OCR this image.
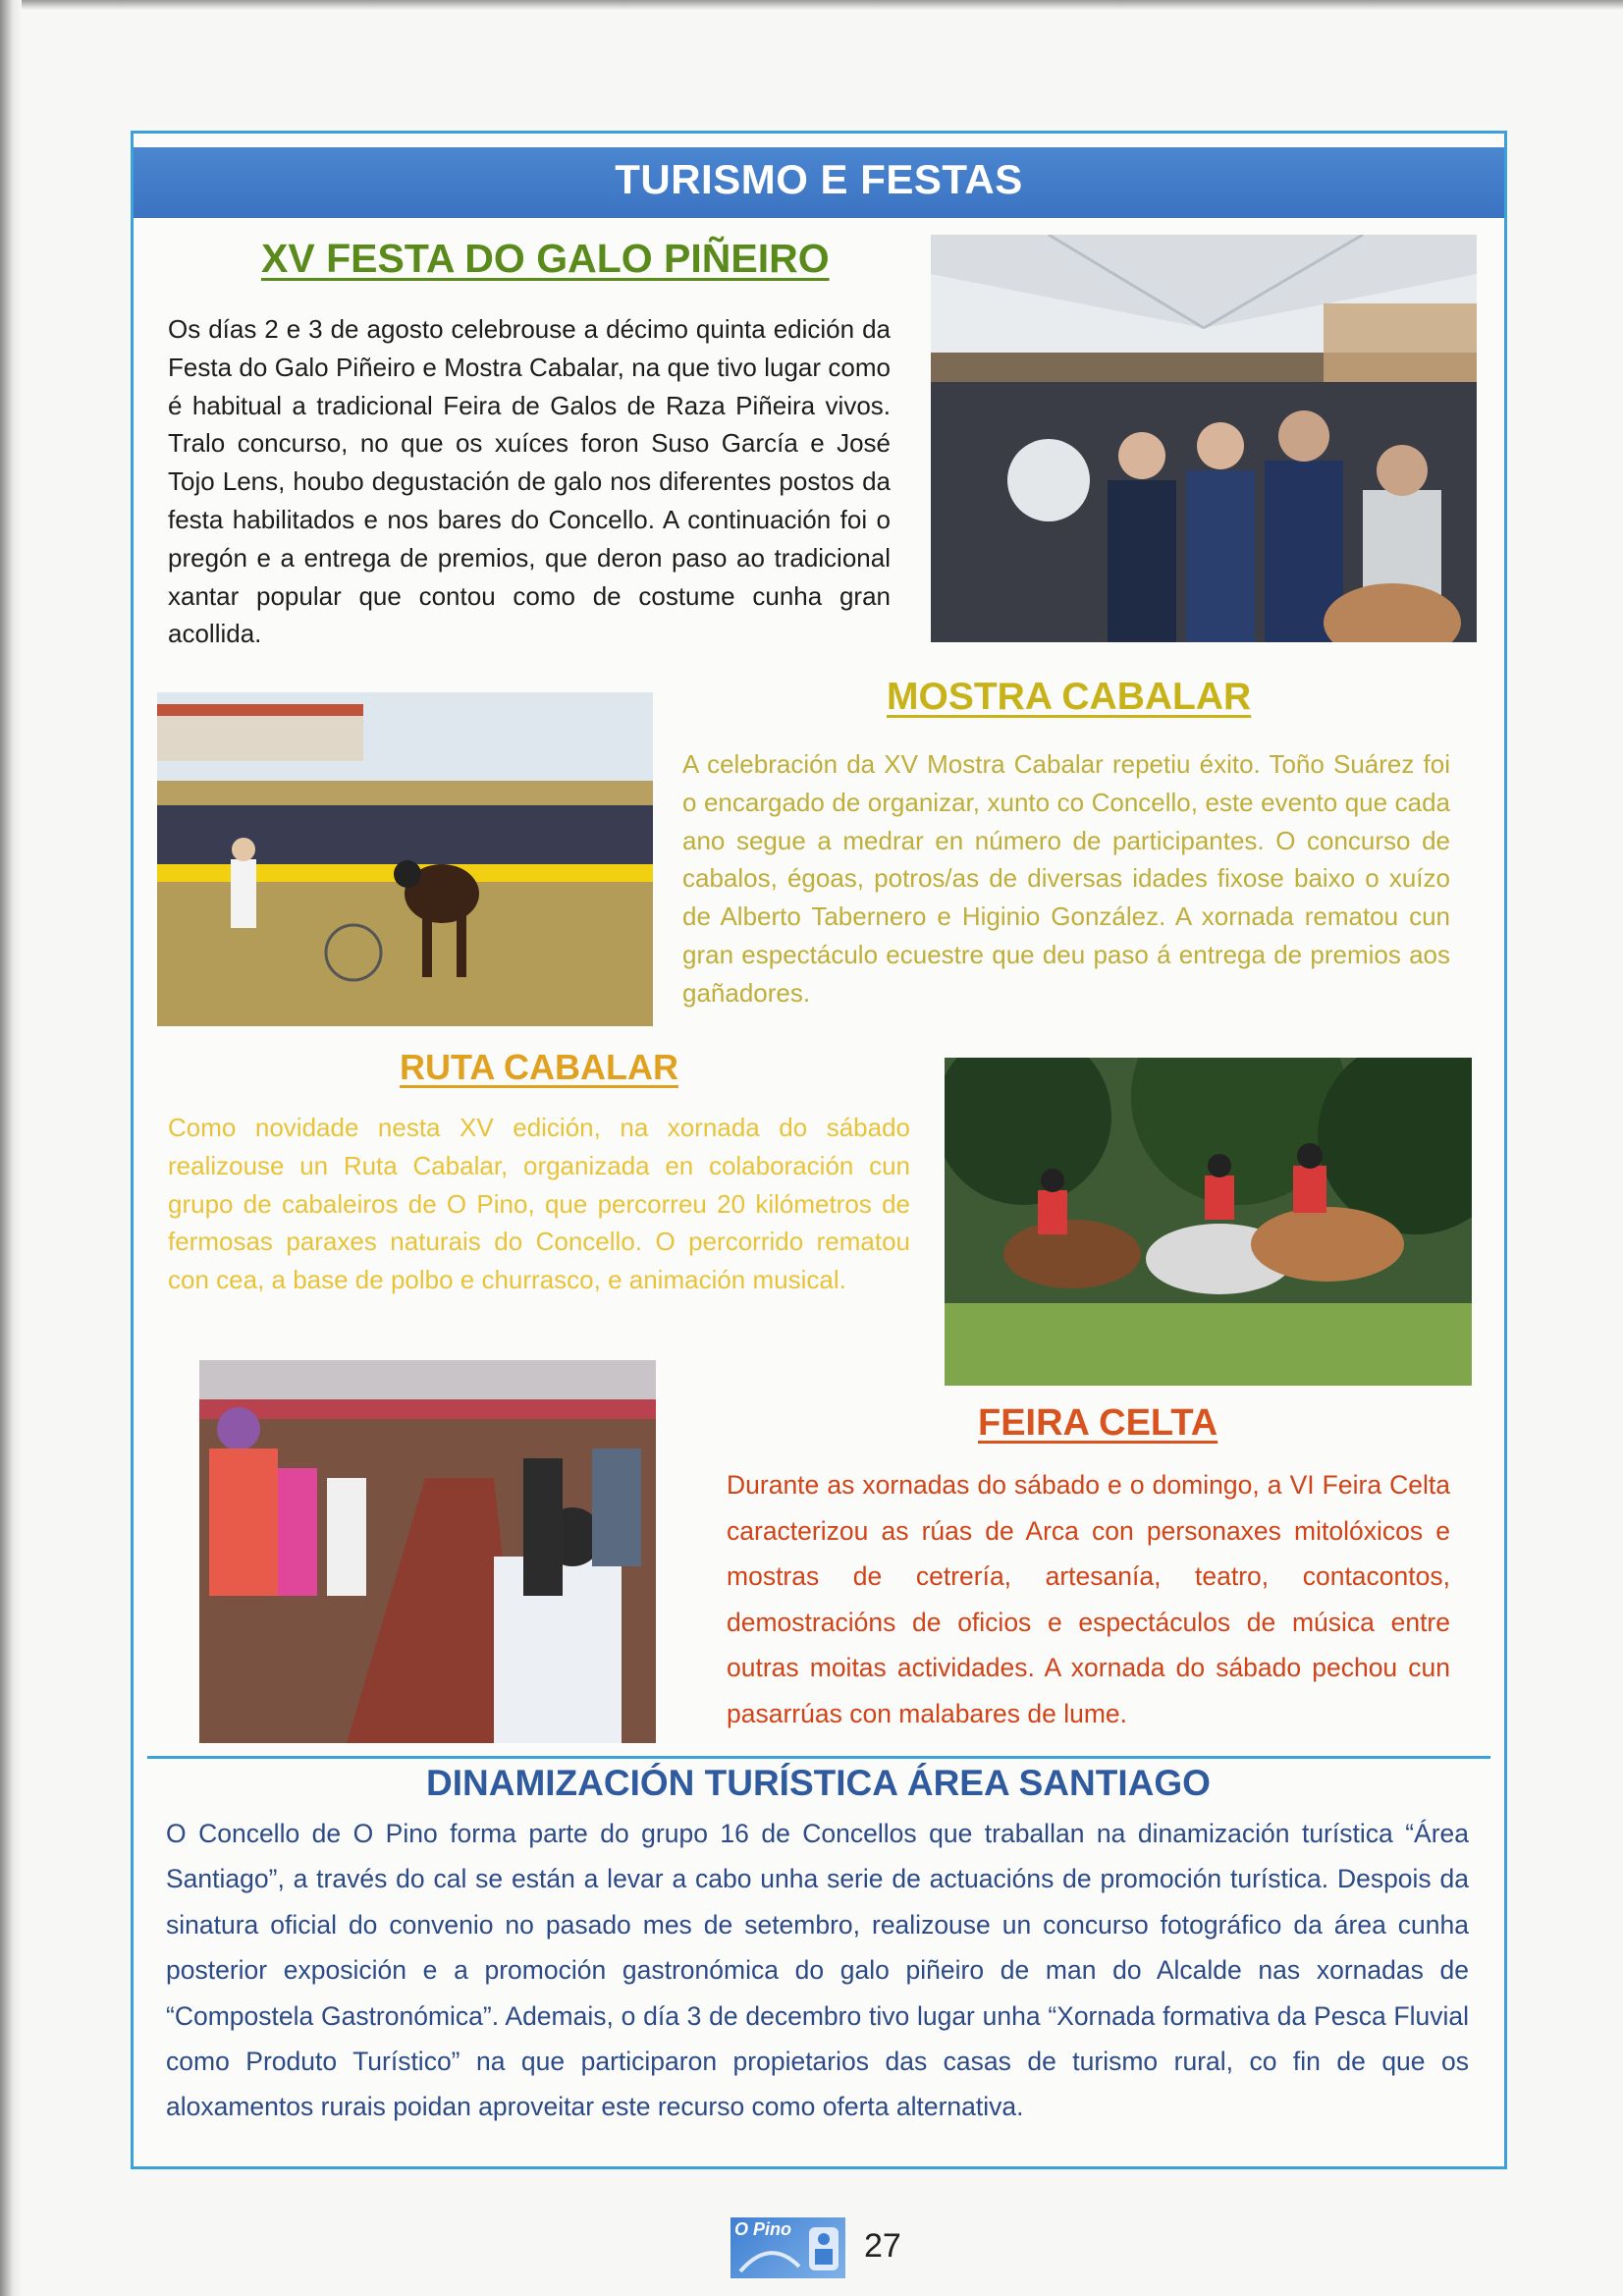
TURISMO E FESTAS
XV FESTA DO GALO PIÑEIRO

Os días 2 e 3 de agosto celebrouse a décimo quinta edición da Festa do Galo Piñeiro e Mostra Cabalar, na que tivo lugar como é habitual a tradicional Feira de Galos de Raza Piñeira vivos. Tralo concurso, no que os xuíces foron Suso García e José Tojo Lens, houbo degustación de galo nos diferentes postos da festa habilitados e nos bares do Concello. A continuación foi o pregón e a entrega de premios, que deron paso ao tradicional xantar popular que contou como de costume cunha gran acollida.

MOSTRA CABALAR

A celebración da XV Mostra Cabalar repetiu éxito. Toño Suárez foi o encargado de organizar, xunto co Concello, este evento que cada ano segue a medrar en número de participantes. O concurso de cabalos, égoas, potros/as de diversas idades fixose baixo o xuízo de Alberto Tabernero e Higinio González. A xornada rematou cun gran espectáculo ecuestre que deu paso á entrega de premios aos gañadores.

RUTA CABALAR

Como novidade nesta XV edición, na xornada do sábado realizouse un Ruta Cabalar, organizada en colaboración cun grupo de cabaleiros de O Pino, que percorreu 20 kilómetros de fermosas paraxes naturais do Concello. O percorrido rematou con cea, a base de polbo e churrasco, e animación musical.

FEIRA CELTA

Durante as xornadas do sábado e o domingo, a VI Feira Celta caracterizou as rúas de Arca con personaxes mitolóxicos e mostras de cetrería, artesanía, teatro, contacontos, demostracións de oficios e espectáculos de música entre outras moitas actividades. A xornada do sábado pechou cun pasarrúas con malabares de lume.

DINAMIZACIÓN TURÍSTICA ÁREA SANTIAGO

O Concello de O Pino forma parte do grupo 16 de Concellos que traballan na dinamización turística “Área Santiago”, a través do cal se están a levar a cabo unha serie de actuacións de promoción turística. Despois da sinatura oficial do convenio no pasado mes de setembro, realizouse un concurso fotográfico da área cunha posterior exposición e a promoción gastronómica do galo piñeiro de man do Alcalde nas xornadas de “Compostela Gastronómica”. Ademais, o día 3 de decembro tivo lugar unha “Xornada formativa da Pesca Fluvial como Produto Turístico” na que participaron propietarios das casas de turismo rural, co fin de que os aloxamentos rurais poidan aproveitar este recurso como oferta alternativa.

O Pino 27
